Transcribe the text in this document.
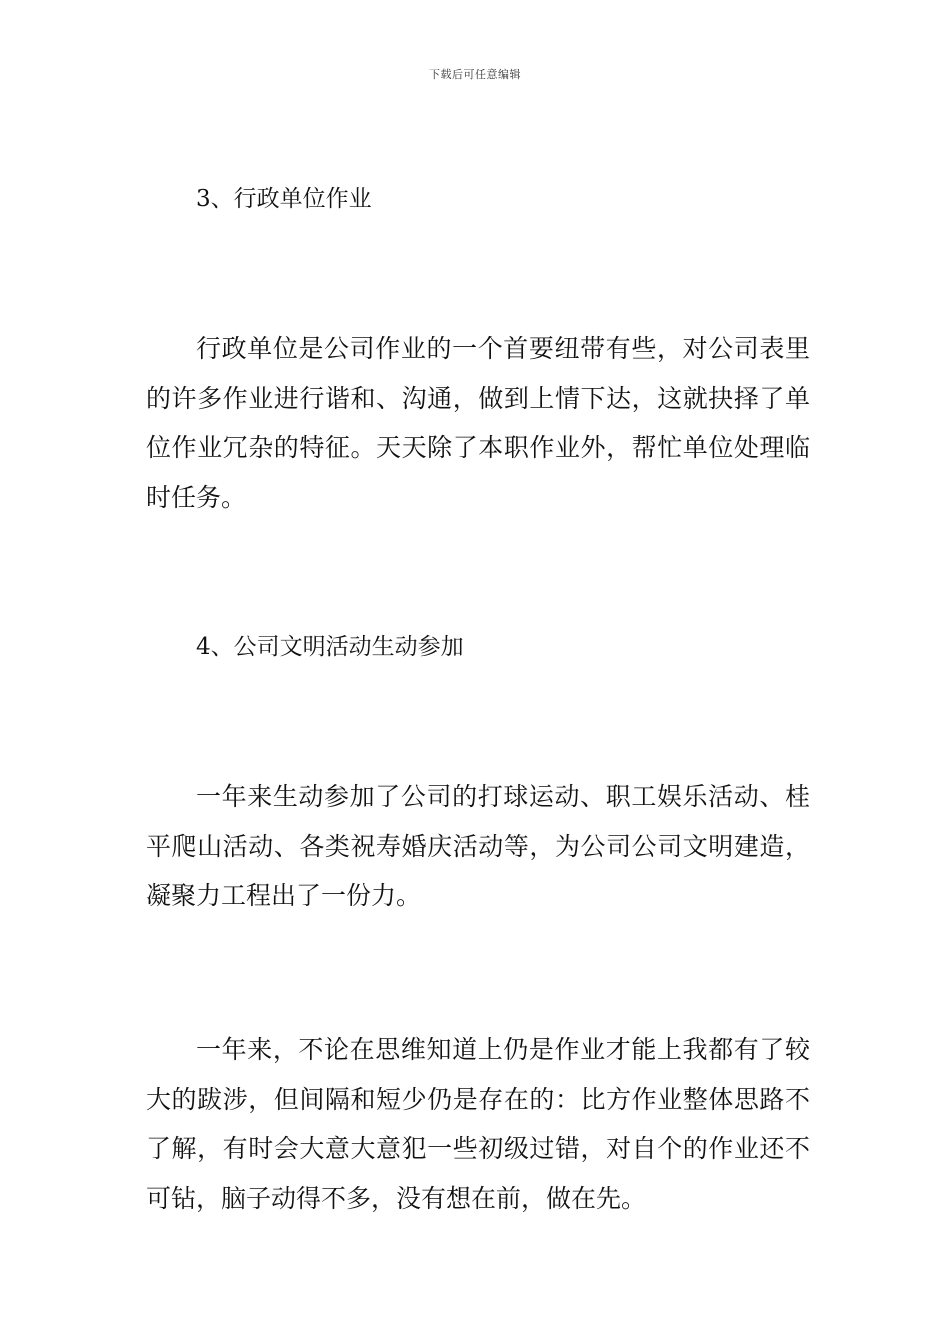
下载后可任意编辑
3、行政单位作业
行政单位是公司作业的一个首要纽带有些，对公司表里的许多作业进行谐和、沟通，做到上情下达，这就抉择了单位作业冗杂的特征。天天除了本职作业外，帮忙单位处理临时任务。
4、公司文明活动生动参加
一年来生动参加了公司的打球运动、职工娱乐活动、桂平爬山活动、各类祝寿婚庆活动等，为公司公司文明建造，凝聚力工程出了一份力。
一年来，不论在思维知道上仍是作业才能上我都有了较大的跋涉，但间隔和短少仍是存在的：比方作业整体思路不了解，有时会大意大意犯一些初级过错，对自个的作业还不可钻，脑子动得不多，没有想在前，做在先。
